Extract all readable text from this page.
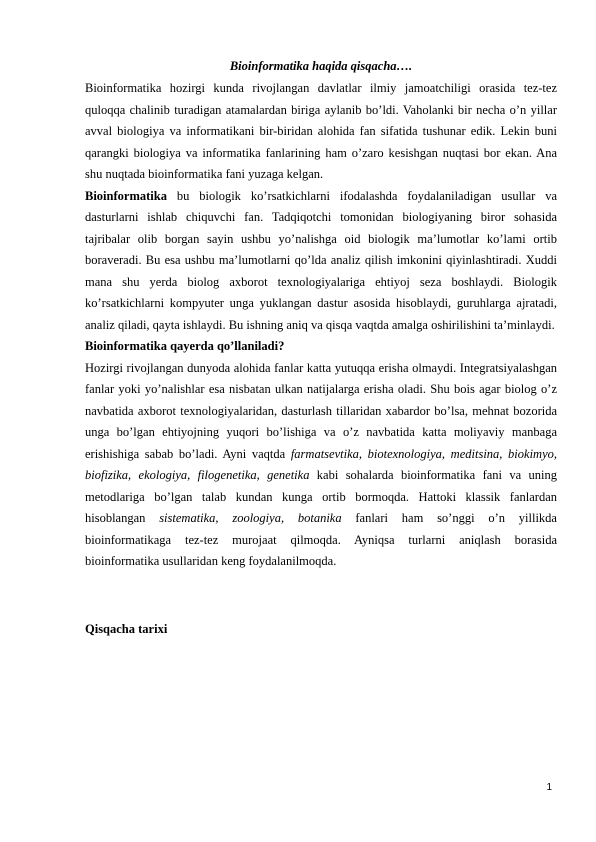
Bioinformatika haqida qisqacha….

Bioinformatika hozirgi kunda rivojlangan davlatlar ilmiy jamoatchiligi orasida tez-tez quloqqa chalinib turadigan atamalardan biriga aylanib bo’ldi. Vaholanki bir necha o’n yillar avval biologiya va informatikani bir-biridan alohida fan sifatida tushunar edik. Lekin buni qarangki biologiya va informatika fanlarining ham o’zaro kesishgan nuqtasi bor ekan. Ana shu nuqtada bioinformatika fani yuzaga kelgan.

Bioinformatika bu biologik ko’rsatkichlarni ifodalashda foydalaniladigan usullar va dasturlarni ishlab chiquvchi fan. Tadqiqotchi tomonidan biologiyaning biror sohasida tajribalar olib borgan sayin ushbu yo’nalishga oid biologik ma’lumotlar ko’lami ortib boraveradi. Bu esa ushbu ma’lumotlarni qo’lda analiz qilish imkonini qiyinlashtiradi. Xuddi mana shu yerda biolog axborot texnologiyalariga ehtiyoj seza boshlaydi. Biologik ko’rsatkichlarni kompyuter unga yuklangan dastur asosida hisoblaydi, guruhlarga ajratadi, analiz qiladi, qayta ishlaydi. Bu ishning aniq va qisqa vaqtda amalga oshirilishini ta’minlaydi.

Bioinformatika qayerda qo’llaniladi?

Hozirgi rivojlangan dunyoda alohida fanlar katta yutuqqa erisha olmaydi. Integratsiyalashgan fanlar yoki yo’nalishlar esa nisbatan ulkan natijalarga erisha oladi. Shu bois agar biolog o’z navbatida axborot texnologiyalaridan, dasturlash tillaridan xabardor bo’lsa, mehnat bozorida unga bo’lgan ehtiyojning yuqori bo’lishiga va o’z navbatida katta moliyaviy manbaga erishishiga sabab bo’ladi. Ayni vaqtda farmatsevtika, biotexnologiya, meditsina, biokimyo, biofizika, ekologiya, filogenetika, genetika kabi sohalarda bioinformatika fani va uning metodlariga bo’lgan talab kundan kunga ortib bormoqda. Hattoki klassik fanlardan hisoblangan sistematika, zoologiya, botanika fanlari ham so’nggi o’n yillikda bioinformatikaga tez-tez murojaat qilmoqda. Ayniqsa turlarni aniqlash borasida bioinformatika usullaridan keng foydalanilmoqda.

Qisqacha tarixi
1
